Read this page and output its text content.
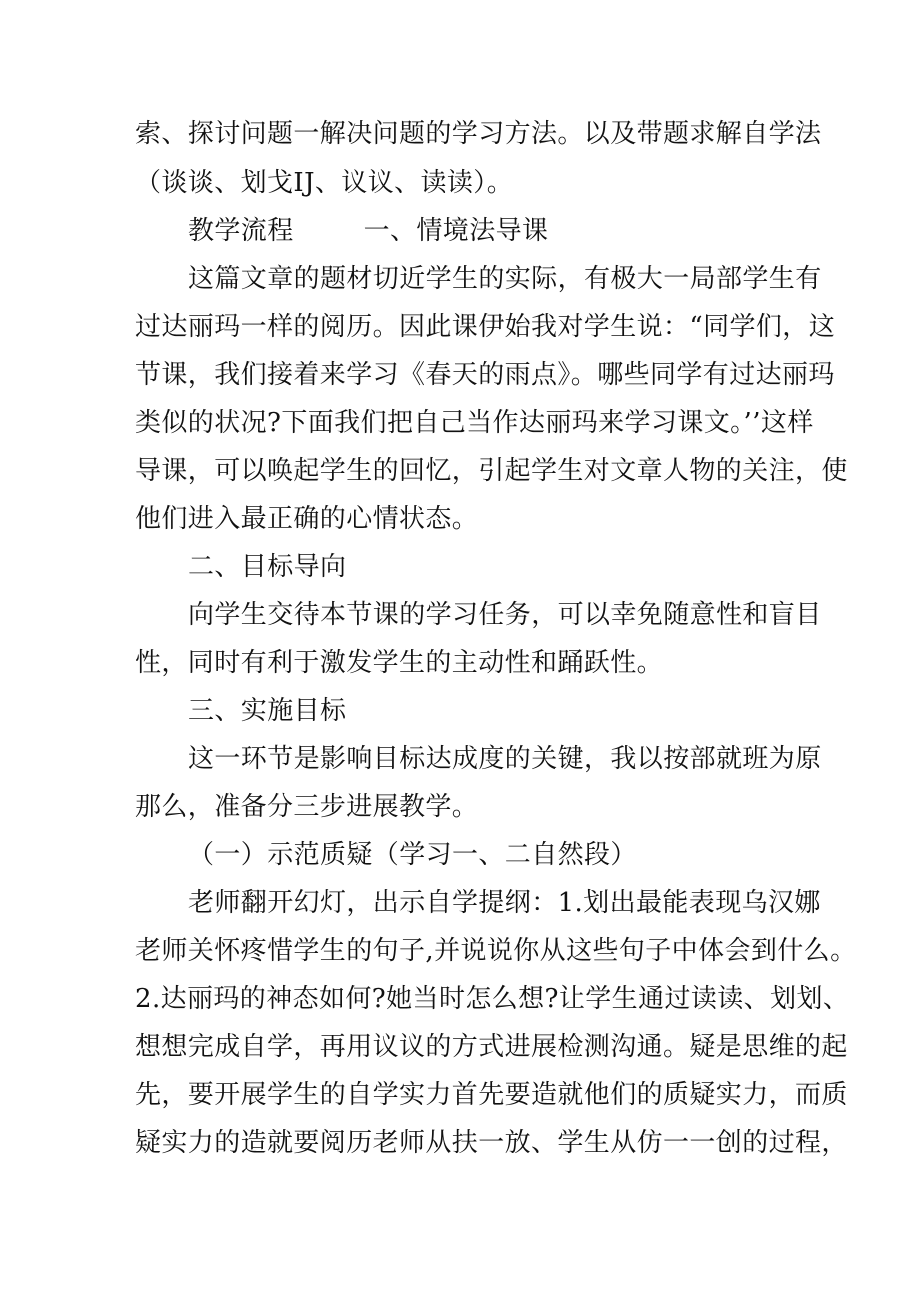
索、探讨问题一解决问题的学习方法。以及带题求解自学法
（谈谈、划戈IJ、议议、读读）。
教学流程	一、情境法导课
这篇文章的题材切近学生的实际，有极大一局部学生有
过达丽玛一样的阅历。因此课伊始我对学生说：“同学们，这
节课，我们接着来学习《春天的雨点》。哪些同学有过达丽玛
类似的状况?下面我们把自己当作达丽玛来学习课文。’’这样
导课，可以唤起学生的回忆，引起学生对文章人物的关注，使
他们进入最正确的心情状态。
二、目标导向
向学生交待本节课的学习任务，可以幸免随意性和盲目
性，同时有利于激发学生的主动性和踊跃性。
三、实施目标
这一环节是影响目标达成度的关键，我以按部就班为原
那么，准备分三步进展教学。
（一）示范质疑（学习一、二自然段）
老师翻开幻灯，出示自学提纲：1.划出最能表现乌汉娜
老师关怀疼惜学生的句子,并说说你从这些句子中体会到什么。
2.达丽玛的神态如何?她当时怎么想?让学生通过读读、划划、
想想完成自学，再用议议的方式进展检测沟通。疑是思维的起
先，要开展学生的自学实力首先要造就他们的质疑实力，而质
疑实力的造就要阅历老师从扶一放、学生从仿一一创的过程，
